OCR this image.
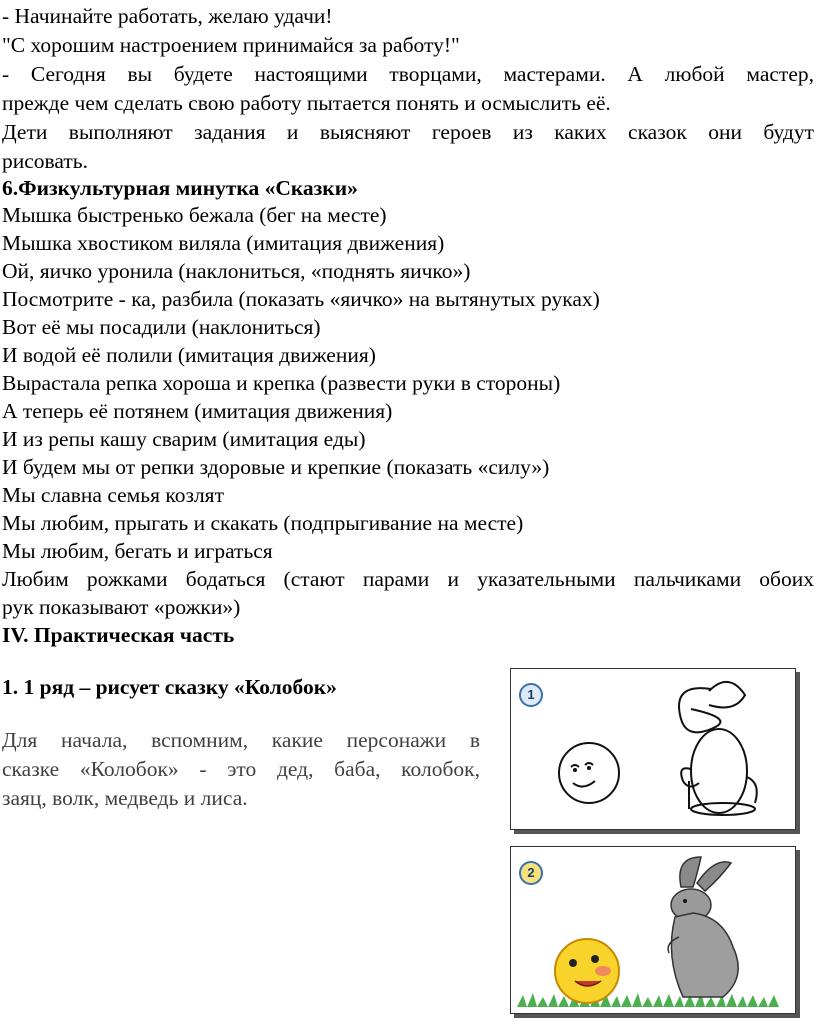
- Начинайте работать, желаю удачи!
"С хорошим настроением принимайся за работу!"
- Сегодня вы будете настоящими творцами, мастерами. А любой мастер,
прежде чем сделать свою работу пытается понять и осмыслить её.
Дети выполняют задания и выясняют героев из каких сказок они будут
рисовать.
6.Физкультурная минутка «Сказки»
Мышка быстренько бежала (бег на месте)
Мышка хвостиком виляла (имитация движения)
Ой, яичко уронила (наклониться, «поднять яичко»)
Посмотрите - ка, разбила (показать «яичко» на вытянутых руках)
Вот её мы посадили (наклониться)
И водой её полили (имитация движения)
Вырастала репка хороша и крепка (развести руки в стороны)
А теперь её потянем (имитация движения)
И из репы кашу сварим (имитация еды)
И будем мы от репки здоровые и крепкие (показать «силу»)
Мы славна семья козлят
Мы любим, прыгать и скакать (подпрыгивание на месте)
Мы любим, бегать и играться
Любим рожками бодаться (стают парами и указательными пальчиками обоих
рук показывают «рожки»)
IV. Практическая часть
1. 1 ряд – рисует сказку «Колобок»
Для начала, вспомним, какие персонажи в
сказке «Колобок» - это дед, баба, колобок,
заяц, волк, медведь и лиса.
1
2
